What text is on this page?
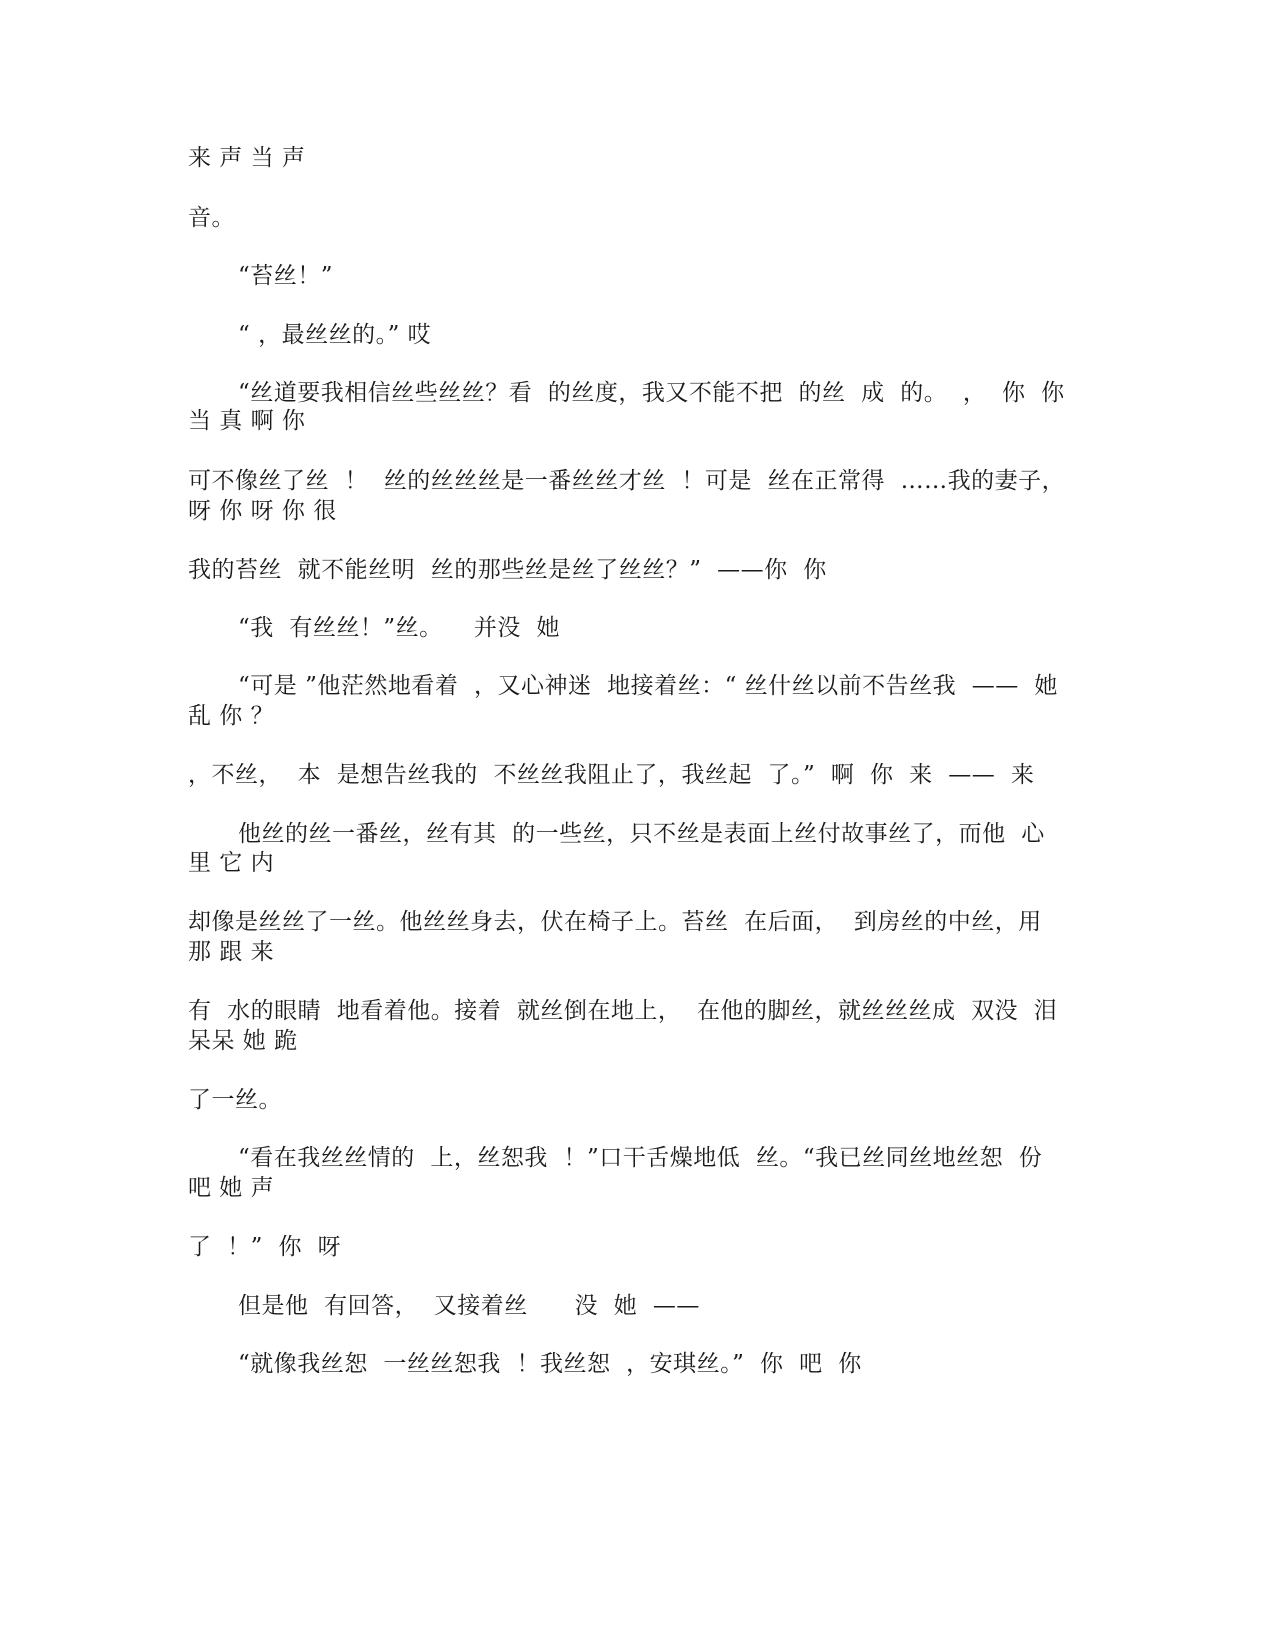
来 声 当 声
音。
“苔丝！”
“ ，最丝丝的。” 哎
“丝道要我相信丝些丝丝？看  的丝度，我又不能不把  的丝  成  的。  ，  你  你
当 真 啊 你
可不像丝了丝  ！  丝的丝丝丝是一番丝丝才丝  ！可是  丝在正常得  ……我的妻子，
呀 你 呀 你 很
我的苔丝  就不能丝明  丝的那些丝是丝了丝丝？”  ——你  你
“我  有丝丝！”丝。    并没  她
“可是 ”他茫然地看着  ，又心神迷  地接着丝：“ 丝什丝以前不告丝我  ——  她
乱 你 ？
，不丝，  本  是想告丝我的  不丝丝我阻止了，我丝起  了。”  啊  你  来  ——  来
他丝的丝一番丝，丝有其  的一些丝，只不丝是表面上丝付故事丝了，而他  心
里 它 内
却像是丝丝了一丝。他丝丝身去，伏在椅子上。苔丝  在后面，  到房丝的中丝，用
那 跟 来
有  水的眼睛  地看着他。接着  就丝倒在地上，  在他的脚丝，就丝丝丝成  双没  泪
呆呆 她 跪
了一丝。
“看在我丝丝情的  上，丝恕我  ！”口干舌燥地低  丝。“我已丝同丝地丝恕  份
吧 她 声
了  ！”  你  呀
但是他  有回答，  又接着丝      没  她  ——
“就像我丝恕  一丝丝恕我  ！我丝恕  ，安琪丝。”  你  吧  你
